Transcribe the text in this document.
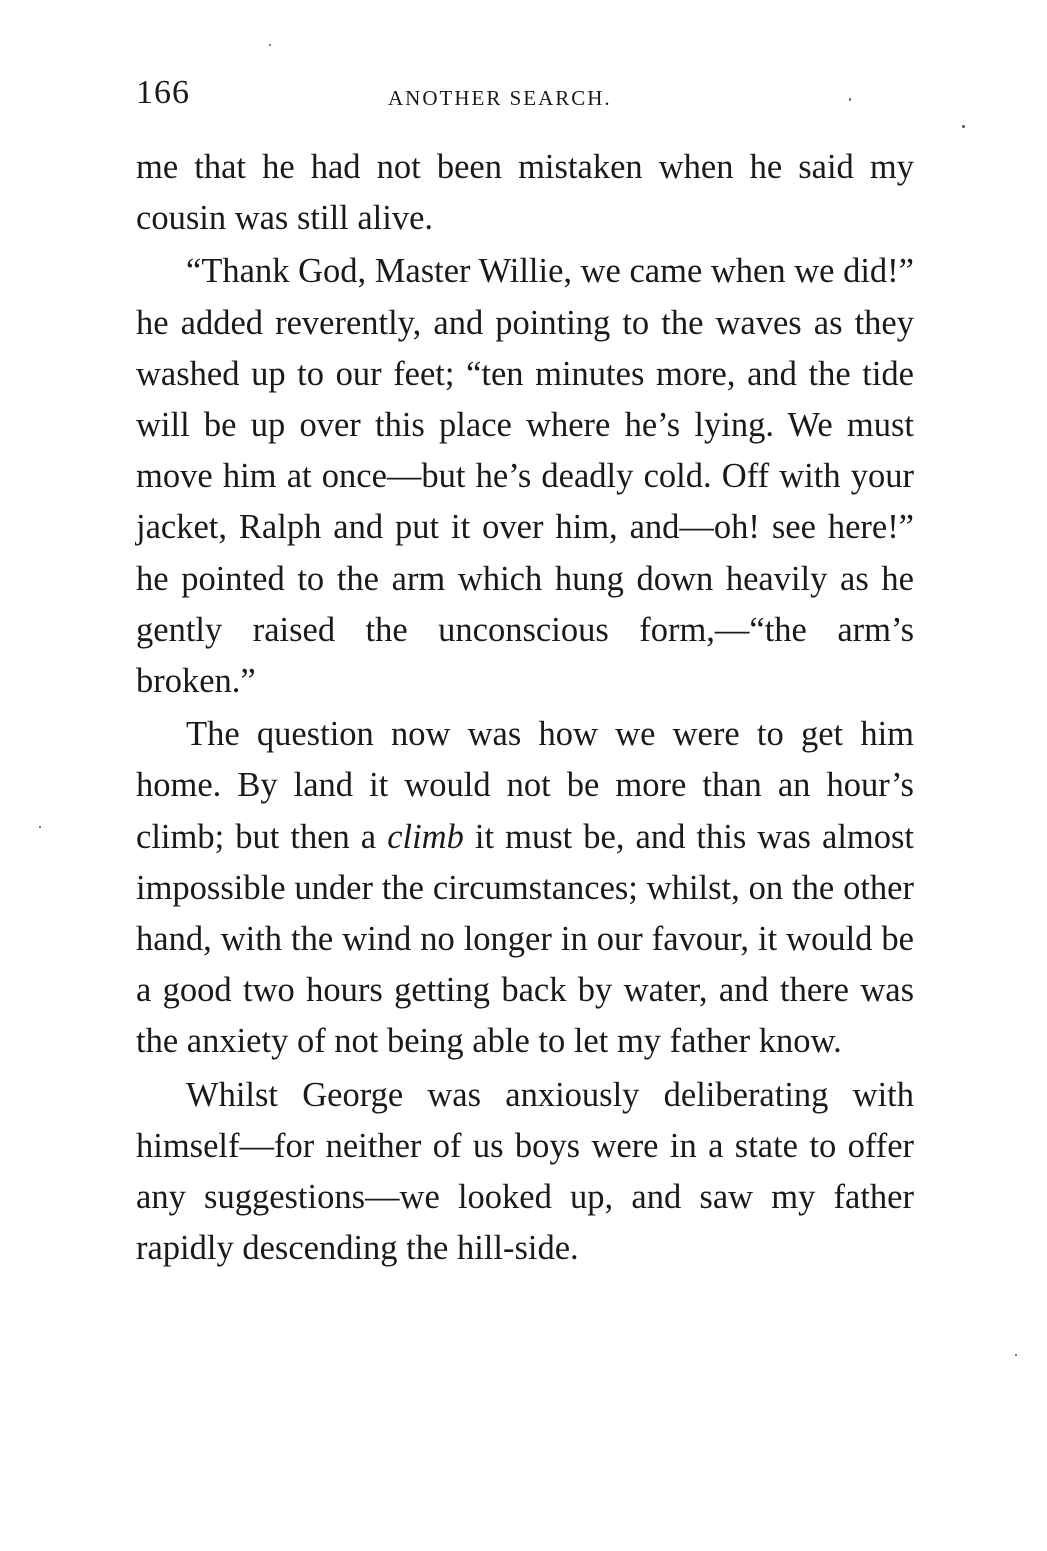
166	ANOTHER SEARCH.

me that he had not been mistaken when he said my cousin was still alive.

“Thank God, Master Willie, we came when we did!” he added reverently, and pointing to the waves as they washed up to our feet; “ten minutes more, and the tide will be up over this place where he’s lying. We must move him at once—but he’s deadly cold. Off with your jacket, Ralph and put it over him, and—oh! see here!” he pointed to the arm which hung down heavily as he gently raised the unconscious form,—“the arm’s broken.”

The question now was how we were to get him home. By land it would not be more than an hour’s climb; but then a climb it must be, and this was almost impossible under the circumstances; whilst, on the other hand, with the wind no longer in our favour, it would be a good two hours getting back by water, and there was the anxiety of not being able to let my father know.

Whilst George was anxiously deliberating with himself—for neither of us boys were in a state to offer any suggestions—we looked up, and saw my father rapidly descending the hill-side.
